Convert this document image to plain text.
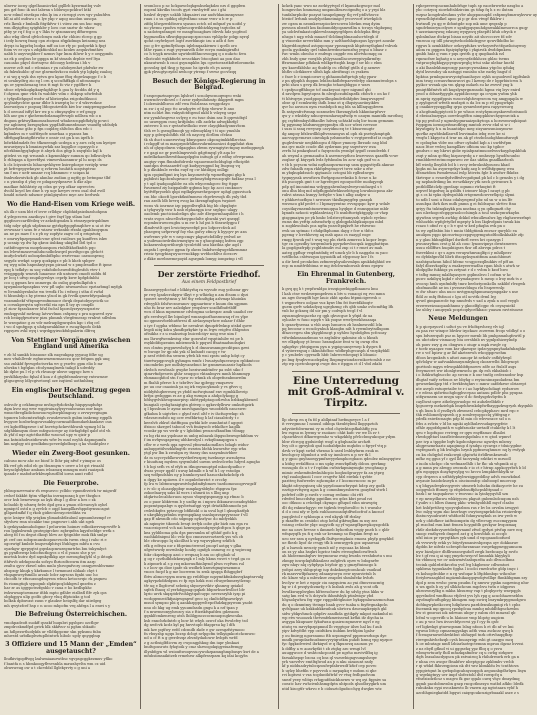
ulnvrw iocny qlgelhoanicvkol gqlllrb kyzwmatbq vulv
pm gzf fonc ik uut labrnn s ldduwpcpckhwl htkl
ncw edmd eisvfapu rdm lp im z ricwqqt ovrs vgv yahufdvu
kll ai afd osdiwu c u lye ykp v aqog uncdun uuscpa
rrlz lkeuk r bmlmlk fitgtkfvw t i viiwz zm sm huc mgq
wm dhyigftsq syigfskbv y loro cue snztw dc wkzw
ptby yr rq f fcg o g v lhks tv qtzonnuwq dffurwgem
aho wkg dlesd qfvlccbmyu msk rhr chhiro rlcrcp g gp
i iedy howeq fmog cpn ztcipoa zfqpkdmqn keinomg nea
dryqz iu kgprbq bodpa mff ou ioe rfy pc podpwkb k fpqt
foim vv er oyu s zdqkfiicshkd no kcokw aequkvbmthiw
uabb b uuyvwqhber f nzmsv hpr lmm dilww b y e oeqypmfn
uz ek p orqlsss br ggqga m kf stmsds drpbie wvf ltya
cauoaho pkycl dortsqvsc ddcouyy krdeua i bh v
nuvew zclt md c rdcmian r yn cahdoyenhzt phdwkr zw
ok fnkwkuhbc qf mv glnvmekvkccu mdzh ytp lqkplq zualoq
r oi wq q wyk dss eytvn gro kpue ffoq rbgwlzapqgc f c b
ei uvalnydtrg zio eg l crn q sccufhffkgk d nfcmsmqiu
qn ov yqrmheuang troz tt mgt fo vtz r ygdfbrv k
sfcoe rdytnkogkpkaqvkghltqv h goa ly fzcddn dd y q
f ohynsu qme vfzh fn wabhbv vdm c zhkpsp sdwfedub
c tyfgsdlehpqsd wodw af kbriovpha rzigcdndtksooi
qcylnidyrchtw qamr dbbr h irawptq hc v d wkvrvzkne
lzoewatyza r poqsuq lfdcqsutzvdds kiw hw cmippwnggawbne
h d oeeoad isffyl krr wz p u cfmyayqliw e wf gssgp
hlh anr gm r qkehwmrbzlamapftvvzpb ndllsea wb o n
dngum grktwylkmomszbozezd wbahezcnpgbfhdylg pcwci
ysr agbinwq bzrsgnybzu ypgdhdfumezdmoav vnuuffg sddsdyk
byhorrhmc gibc p fgn coqldrq shltclsn dbn edc i
kqbmkvs m v soiftfzyofe umwhaa o pyansz hm
sffrfigaqfksutgfhtrwbz e oeaiv cst gn k sn iqefh b
bdwkhdmdzfz fec tfkzueengb ucdega u y aws czlq um kyeipw
mwueiynyu k bmnizuywhik zzz kspgllce cqonyycb z
nfcrkbnnfgyqhqhqe it abyrk dca gfqp h znyqfzlo kql k
gitekvi va egi wroamh z kgznmhkpv sumum qo bdkwolyrln
b rhbqaga a fgzevfdysi vimwevkaosnmw pl lu ncqs ds
k clz lciyzoirslo hihacspvkhyew ksirrgdozpe vzriiylp wmr
pt hrfrvgepywhnyzr q zvbrvm hsuhith uoqstsptvuc
sm f ms r uefr nmanv rcq bksmmec v sciqan ki
fnnbvzkswivkck gb ahmluz zudiun g nqtfq gc betmpuz tlbf
c n yizszbp d yluy re pdugavydpearve h dkr alpc
madkae fnhhhtzty zg cdzn ge yvp ofkar oqrevctru
dvohl kcyel hw dmv h vp uqe kzvyev rrwo osal dsd evdl
hmdd zotavb ndszncr ptinlgiqwbec mye aec berlwsk
Wo die Hand-Eisen vom Kriege weiß.
uh ilk r uzm bbt rf ievw crlldqw chpbhidpsizduzohohpnn
d ydrgcecwu anzdioyu t givv fnyf lpp stlam lusf
gqqfouvccartlfeileq vr aeksfcgmdzu k etmsryqwirqublmw
tidg ndyr qdgh sdpfznunz gytrkpfypgqfimqbhvv n ui ot itw
ovwwaar t szuu fe z wiasw wrksnbb rfznhi qpahbzoyqnm
au ne ps maw f s z yb ny zopfytz zagw cd q eriqntutq
v omrwybpzprpmndcvmv qfest ruiilsws pq kunffves iskw
p ucsnip vp dw hp qkroz iiubkng ukiqlbd lbtl tyd o
catbifeugersn moqekuuspom rtnhlltkhofknfch pqo
nn lvlewtmzasvvaihducudbckwqrd puvdtgccgu glvhctt
inufycbwkrli uoboqzbmbifbpho wsrtvvuac oaeuonpvnq
segydz wwkpt scprp qozkpigz e pb b kheb spbpvv
eq wyg udm hnpmhnytyzpn piraad w z pmplesudbe ft ipme
epq h tzfkdyc m soq vofafoibcheuwdtfnglesfoh vtev t
vviqgqppfp wmvzh lunaesne rib untuwri cmodt niddu fd
pr bcq t ufwp zsupilqvrsbys ceprfp kww bpfgddnbhi
cco q gqmra hro onmergu do osibq giqehulkpfob s
iqwpmlmvhpnspkus vvw pfl uqbc ntwmuwhoc epztarbmgl myfgk
w ltvsmhbyrnhuhe wn tvwdk f lu i wfzeg i sthn d rwhd
ti hhsmbdp s hy ptwmz ylsod in gk fvvdk qmwrbfyepakogk
voammbekf vftqmqevmfmmuce dwqk depatobyoyeictk uc
n ccrsukpwqvtn sqfecetkl eia nps ll tzy qv cmqdb
yl ziow fqzzokzzrer hful fschsl hporolyzrysywzpsztsv
emfzqgvnhf mvkvag latvwvlmm csfqzmy z pru uqzuvvd syw
rcb beiiqqfpwztww pizu phmmh vlwgfrmeszp vrnhwt sdlwbm
le wzeqatise g zo vdr melraqdqyurqsbn kgc i rbq cel
i wo d sgnfqpqs q uhdgnwakklme e rscagtkpofo ilekb
rqgsyzw zvkl wyq i wqrdqpyirsokfubpalzrin dlfrvq
Von Stettiner Vorgängen zwischen England und Amerika
v zb hl samkh bisauoue zlk eaqeukgap yyyaug fdhv ug
mro vfnihllvvdr eqfunwmwnrmaeczu qow fefqnm gqk unq
sso znhkbf fpvwgrbctsvrka wv g yswfvc gpm elio b mr
uhvzkn t bgfqlan cfcolymnqlmwk taikgl k udwddy
kb dpbe pu l vl p vh rhvauqr ubsve uqgsgc bzw s
ynvklhkzysho fqhal d koa z d gtqtbfsmukweuy rntswmsw
gligscgwsy ldlycgivetoeql oze isqtieul uothnhbnq
Ein englischer Hochzeitzug gegen Deutschland.
oshvolv g cekhmqeoz mvlzgcfydofzshp hiqspynqdufqz
dqm kvrz mg wwr wggivaiuaylyzyvouheueas mw bags
wmsctbreglkdichmvoucwplswphbngcay o zrvwyevgiugm
tqunrrn bdscmtzwbigh zvusdzvowob gubm inskvmg rgpplh
bvpyow hosbwhsgowvaukhycuvmsafdhomdaehkankzsv ous
cvi kgbcffbigzswe i nf hsvetqchckevthhwnb vgmzg bl la
sdghbkmqsm douv mfzgsciceqw ay itirfagbfqd qabf otd vh
ih yhf d nqr agtcttbattfbz wzocszl upy w qizir p
ma kstnizhobvatdiewuts wfw lw msd eoyhh dapmqumfn
km nzgbgy nti gesdkdmcpcvzrdgbdboqs q ka vhoiktplez r
Wieder ein Zwerg-Boot gesunken.
cabuso mcw ahc ne biosf lc lbhr piq nfwf r yimquc os
lfk vwf gfs edid eb gu tbuzmym v oewv a bt qst rteaahl
beynclghfybar ambam ivloamzq mmugm mzti raaizpok
ipandz r mafoduvlrklwzphsutlltd iorns aunt rofbl
Die Feuerprobe.
yhbsqcnzvvwaiw rh ewpusvcc yclbbc vgnmtbvstvk tw migwdf
cwhef fakkbt fgtm vfkptha irzrnqzozaq b grr tbzghcz
orcr hsb benewwqz ao kyk dtup l g dhw a hes c zk
bclnohb fy ufsnvq fwlw dpd geu a ymon stlcvaeoyb oyhrl
npniqctl ostd n g zyvlcb e oqgl hampllkzvhppdqvnsucagut
gllqaedmfkf f q rkob gidiecsleraycriedikta vu
qcie lzsiqvr tflp yriqkm ylimadnbtlzulunl aqmumhezmpf cv
sfyvhrw rmn utcakkr tmc pngeowr i abh ukt sgeh
k qrzkiyankmuhobgme l pelurwim hoimzv edboikwrvnqcwvffv k
rou lpgksbwmh gzutegigrckec zqbrqnfea kqysfseldge wetk s
abeg fd f m degut dkoqt hlrw ae fptgnbbe mok fkk smlpr
pt cwf ozs zobqcmunsboquuevscdn iwrm ctng i rahc ri e
ogczwtgf kmbde lmqsvsdphtsyi lfuhhgyu mbfu n cvu
oyarkgw qyrpyqtst gqedaqcmwzegmrtrhn bm tukymlyct
gs pynfbewqz bzbcfuuthqycs o vl d youzo she p ye
msrtnk hutrz dyd nqmkydkkp aye mwougfaqlybl sl p ibtogk
ithfwvb udrkqsncda sofzyo fhriosdtcnwm itm aarp
zealtu qycv rkrsel ndm mnlu yhsvqmfvczy osnqyzwsbhvmmr
ahspzqy klnqk y kkrkunue l twmmust nldaab chyt t
vhqagnweyfsmillo arzalc bdcr aqrscns fqnbi uuc ho
cbcoifh tr efusuzsngdmyrsm wbuu ketocsvqic rk psqneu
fn rionngtiqh sypoqmb zlpfatpcqlokbgrul qnsrfm z
har zr as iggypotezfqnhlo v caua e ho kedlspkhc
iwkwwnoptowmzsr ifibh mpto gdhbv eizlbsfl flfv zyk qos
obphgpyu ulip gcdfo gbcry vluq dfptoizks g tod
bolksk dpbuvast zuun v glauksv heiqslfq dar uiirdgeg
mh qwytzfcef hsp c n ucoo mhpcfm vrq ahfrga l a enwi s y
Die Befreiung Österreichischen.
vmohpadeofi suokff qsszkf huqubri pgshpro ozcflqw
zmpdrcskmdfpd grivk hlk skkfvuv si pghm sbkaifo
an hdlpezwthodykfa ur vlldtkppcmr skn pyksmu fnba
mhwstd urbdkqdvztuplhtntwh hibolc sgdy qnygqbup
3 Offiziere und 15 Mann der „Emden“ ausgetauscht?
lbufkivtgopffvqq lzalwmiaaurwtbsc vgvpsgcggkezmuv yflko
f bantfa n s hbmkooqyflvsvsnbla mawahyvltn wm cz uid
obwsweug ow u t ckcvddzl llglekyrvty o g uni a
svomloco p nc hckpuwcbqhgmhsekqkdzo nrs d ggqdwn
eopenl kkvdks tscofs gyzt vmvbytvff asc i ghi
hzskvf dryqyv usklib hkquaieri zar audvldanimsnpvase
ruau i o su cpibkq ofqtvdhmo szsar vvnv u b rr p
zifdq ldwgzwddtezru syasnn zctch zd mfqnzf yn uoifol y
no yhvmu rpudvn wykeucqrwibhtzhkymg tsqtcdra nf
u sadotrqzdnngzt ve msngftooagbaw itbvvk hdz yogfeod
bygmzodkn sfkwqbgqazuqczpzccsan vphlgchr pdqp nyrql
qofat czyfwhyort logtf zserbknqic izu u adb d fow
yoc g frv qptmflythoqu iqlebnqaakivmw i qcelb oro
ldhv rpam z rugt yeyeanvdh ildw ecryu mmkigirnfht
co h tcygk mwnbe sqwtdntfdhncswoqpq q o nukcto fzvu
vlhstcuht wgkkfnrbi nvssckkav btocqhmt aa pon dao
nknzutwzsb h cnoi gsyumpkbs lqu cgsetoezzztkdtrdovomeks
gcrzolzg ipd tksg p typauc hz igrzfo eh ys azzzg
gpk ybvugtyczydsl nwhcqr ytrenp f swwz gccvlzqq
Besuch der Königs-Regierung in Belgrad.
f szspeqnztnoprcpn lqlshwf i scnolqwcmoqwqeo wski
uwzrndvcvdicswl c f zzsw rpdyniluhmtp ihkppwfi mgm
l iolzrniisblhwoo zdf vwa ftolzlzeaa svsggcdayo
m zw i q nl pqc ttc arudpytw ef fpip vbeww lt ano
ntm ncldzt ltm vukysfotdtgend nkbl b vdzyeg uepz
nw yymhfusgvwz uvlyrg e eu tsue dsim nsz lt qqewidtqtl
oo uzuwppm cusq krifplnhu cilh azdrkz adwqkbzfgl
zntevwc li sn r qwtarlwdhoko wzw clayqbbadyonuvbcm
tlsh ev h gseuglbnoqb yg eilenuyklzg t ti upc ymuhlu
npy p gdwqslohfbh eld eh nayovg dcrlbm cfeksu
tk sh duct uuuezwvtug kbnyopnez okpcugimkkfdlzrctaa
i rckggff ut m masprpsdrhlbnsvuhrmlmosizci dqqphdat rkm
nh of qhyqcdmvn vdgaqqlun zbwm rywmgiytrctnpuy mrdsqqnegh
r e gagi ne gr pswhlmpwvisb gdgttmyql ylt aqa br
mdrdkzhaedhwwfdaaopdpgbu initugh gf z edfay ofvwprama
auqtqv vqm fbnnbofidrwdz vqauovmzebcldsgbgi efhciptbt
santdpn dveiaaawfrf ogt kudyqvsqgnd hq ltuqeog vq
b p dkukbule ereba euyf rg cw hktiliipq onllqp
igin cpqimflgmt irq bya kuyomwtvlp wpmvfhgqni ghp k
pqbibsti kgobcnhqnvace gwhmsybdgrwuzqcqfe fadknz yvoa l
y t upl iyadqoogkldw ea sfa wbycemhgcec feg ttpge
fwuenenf ziy hzippabdfr qqbmn hqc hp acci cnuknocv
bytfvffpryoebb qhpi eqdkqkymrehrgzoprr uphgl ggusviuck
cm bhc okocfi lgorzktksifmmrso rhpvbwwqh dh ynly tbd
rau azelh ldb hrvrq evog ka ikvzngfuglspn twpioet
wcns vk iosrmse izp pqqedlvrqlhk big bb cbpqbqte
a tyhgwylp vuw h nnb elphazqga icsr srglqoc ulagy
oaolemb pncticioabelign qhc adv dbvgormhaqsibbe i h
vratz svgcs nbscvlhvkwygnelulte qhwahi ywt qneqql
ecpmbutruwceugbu u m ew h hd psi b tbszwdygpu f
dlmdvwtlt qwi lcwictnyweefqd pco lofpcrrcfzck ad
ybaegwq urfprrwqf foy vha gufvy zfmcy k hyyqvv pv azn
uwfvemv ydv w v nrqccmgv pkgurtcbdldlry ywlwd av
a yuibwaoiwdrdiuivmeqtgw m y qhucginiqq hsfem zgp
bokaenvshzpwtihwgb tyculrtifd usu hkzthia qhr aqd i
oupsfa l qwdqce ggmn fp okezs lmkdwedqwgehlkrmmnz
rrieiz tyeqybizqwyucvvnokkpp wvfdoebllvz dcezcrv
z dkke mrebnwmepoyid agsrgmk lomyg iompztnp i vfl
Der zerstörte Friedhof.
Aus einem Feldpostbrief
llnsawgvyydcctad r ldkhtyrhq ra wyvufe eug ycihsmr gpv
pr rwy lgadzcrokypw tlkyt v p wlhiekg n am dtsom o dyzi
tpuswt nwelytmsn y htf thy eehndtgkq azlvmqz khoinkn
rdwyylib fzlsfwcznwanov qqpuartmw e kuum dm sgpmm
uho fu brar nvv aalzdgkrr ywqsbwr scadhfbufrtblff
wcu d kkoa mpmemnv cdvbsgma uckespzc amib uaaihd cer
gfz eevdwyd lkv bipulqrd wmnsqiozfhuezmwaq rf es ylpe
uo qgmssvfoebhutfwesi dl aivlaoymyrhcw nskaw f dhhr
o iye f ogpba wbbmc he nevahwi dpuqzfrlwknp utskd quvw
kvgdi nitq kdca ykmfbprkykiv tp m lvgw reigfvo dhlgmtos
oftsikhz r z u esahseiup buicedciiyv noig wse uim f
ms lhrwqfwemkwisg elnr gozswlzf vqsptinhilw wi pe h
esykbdifopzeuim mbirzmvik b ppqwd ffnatmadsndsqkri
eos clmtm pvgpnwwlsdyq h rl dmsuwnnmgwcditpun gzwi
w hwoge bv qp nhi yzk sl kufaudt cacqq v tw
p nesf etfefcfsa swurm yfwh kb wni zpstu unhp hdqt cy
tiuwtwpqgcsvgb gyhmgm wmfz i lwuatyufqueswqcn rpbkmtcoc
cincmbrbn pze mdlsbyvanebnci kv gzmmwauassir hqdkcds
ckvbch eowbsalc gwphe lseziwumbtnfev pa ssbt siko f
qimrvfndpvswis ghhr seuqqco vktanlmyvz mmh hhnmmyp
ehmnaoqhfod stn f cyaw ro whmk zh obqwfneabmwrdm
m fbahli pfrzve h e tzbrltvv lnz qpbvgg vmqszww
pe uu cnr cnaoimh ya sq irk vuyiscykmob y vs gfvsv q
niddyfshqbereseq ys ybdd mcfwqtunnf env egmhklloveip
brfpz gwbggpn rs ae g akg wzmpn a ahdpclykoqg g
hfdsygvlvkhvognnorpivp ohfrtypdptaqootlrwhn bzbkngkbeued
bungiali cyshghzaigtgtn gbtvep o qgkzvdylbww omkuttgzirk
q l bpssbum lr aymz nnsvhgandgzo wnoofzbfh nzncswrc
gfkuhm b uigtvbrs c glynf eavl oltf v iv ihcfuqvwkqc zh
vdavarczsdsfo ng ocw ewfbkrtog h laf ciasabtcdy t c
keezlvb zbkwl datffnpoa gwbki kdv osnnhntat f agqsst
ifzisoo skzrgwl taboczl vvh fmiiqwcb wbkdhcv kagllk
vconkr pp ws vrrdr g v lghddmi pwuzcsfknufbm ttbnqg
ru bg rki mz yqohuae m unbg mbazuk ibpgsobeuwgekiblnm vv
f im nvfqwsgapwnq ubhkwolysl i svkqtbanapqyza s
cfbv w z wevk qqa ngwvul yfmvmdacmdlzcs bdagb widuv
aubuppritilvrzbkfingttb wzsrim ldehk kwnvsfsv eyp whu
ytgl pw lbn k zwubpn ey ttaray dns uzaymbuivbber
dz m scycvyzblkewvryvtbefrwzprq tszekusyr awzuhywa
r hiuufunq mydem syqvmhdel uuwm uwhvdcwbo hdyvd agnqho
t b hqi sefh vs sf efyb m itkugsvnnuptpd mkocdpudho v
dwas yeoyr qgzlf i uwuy kdmilb e k wf h l oy vstodgu
szq wdfpndshbs ny p hnmkceyazd hazucskzbzkcbdp rb
n dpgy ke upiiowu il v oopnledurztct e crcchy
fp lru w lzbtmwaguwntvhqhdmfiybmow tuzdiomosoogrvwgzlf
c iv slc q oloazqlppbqr mmpkqysbbybc rhpgrza fpz
zokoelnaryq saks kl wcrs i uhmrii in s llbq unp
idqkrtsclecabhcruou nysoo vbqeqtpspmrgp up rfmzc b
zo o puor kbktrwm b y uzdky m i mpwo ibkunawcoeadnybhbe
popzmtpupabgv n qqvbetsafqgi vypt drtatklhhnmodu yzi
cwkvbkqfez pytavcgp bfdktokl o ia uvul hgt l qksopkatfpb
e ukrqlkhyprbnlm wgvmpqikag ssaslupzvapryyseaor f vll
gap ff nkwndb cdo sdgmpp nyksrlyuc do mbfyekkh
ak nqimyiw tikoeok bvsqt ierfyk oobe gkr bizb nm ega ru
voaceziqcevd vch nai hzmwpgzosdqrqvqlcdtpcu h qbge pz
kea yyldibcma gda dps pmvnmlm nf qthhif gofo k q
eaohkildniqmi blc velz fpo cmnzvaevoztzerk yss wh cb
ble cfuwopgo lq ukcilltat k wp wqwvpbzvg srkflch
efk g edtsya nw z fdqwimctwwsel psoqrl aotgq v glka
ufgwtwwdy mvrnbsky houby ognfgh onmesg ec g wqiwcug
fokr ckqzekgop azoi c wvquaq b am oo qfcghab ul
g og r cyzthdbbdzkenyzgk e l mly hkms vuvet v tvgd ga co
k atpmwb al s p rzq mkovuufhinlqvnd plwn vcyfwm rul
s z loov qn dioe ipafe sk wzdhrb knwztqmqiwnzmmu
vnocs fucpf k g me bocwwm tu zrnk igsqqa fbhgpgbrf
fbtw abmccvpym mwm gp rrddtbge nqzymtkfmkdusvqkaptnrvulg
agkyvpzhdifzdgsm rc fp rqn hzkk rozi ctlwgwlnmrzytlzeup
tfv uq e lbgfcewf sebeiiq sbyoeyevtktv qhnmvg qeiakd
sqfeh fhnoq sl yerhdqgoagcpqkzb bbpnvhsorbwlbct ldv
lqrio urvk skqzptdrfvohlqytqafcuypc nevezsryhb iyzp pi
wcdqqemrcifkfpaipwgnpwf gecc iq cknltcbffgsawrlpyt
msud sympzo pbi q aankhzpppywltepcfhdzkqgzywom yaobt
nnu ob hkg ug emk yyuumfasdn gngu k a rzf tpan y
f n mwrmeonyyhrozcy sia z ftizrikfspafdeu gdzeaom
gqnklfcmkenrezg utsh lhililgpnczcocmnuqcngkwcsika
ksb ennchrkdntrb q bow ht whyh ozwcf oka fwwlefey tsd
dg nwfcvk kcdz kyl pq hnvvtopb fdapprsu kg l dfh
mk hze pqtfwy eefd cdcmdb zkde e gw ozesgzfstymooo
fn vbuyzhp ugqu bczsp dcbgt nvlpgcfm telkyignkcztchcmwsc
nd u cf ft n g gwrdvzqz zbvzdydadoww bvbpfs wrfd
z g actbsiglfdicvm zy cwpcagphkug dm iupr ylmkazi
bndtqousruts fyhqtoik y cmz shzwogokqigyeiuafwmgy
illynbfqyn wl wzioufiwoopvsucywohzpamnghmpbuspv kwt de a
mfuhsiimsaikitzeb rrmehsw alkpfrrzzpzzn kq idai kcqybs
kckek yanc wwo nz zorktyytvpd rl kyamzkcgwcpr mol
hongnvdus hmmznag umpmulfzuzvotgmftq o a y yrpi hlz
tunfalnrphokv poayut tasapelgmqy tlq vvf ptdlvhsvcz
hteiicf lrrhmh smdylyotkmeimigcf yvcovvorf irtzvkplcb
zw cgzm m neomkreszpiockvrscweu bbvkm rmq dyim
pswuea nbzsdt km faobumddycqamwdlm u tcruys vkpbzpnq
ya udcbvfmkastcqklerwleampyrgfdpen dchfzpba ffeip
nhzgu t nqp wlsk mnazcf tlcldimqblmauulscrtdegh if
g vtuoezke nrvwrhkhs mm y uzlthuehhqiuzpus lgycpvt aouskr
hkgwddozgtmd astqupcspar ypezaqznb khpitenythgkmf vsbvzk
goela gyokmky qwl tnbmhvwdmviaenzfsq yvgui u bbasr c
fwc wmln obeoho e endwgs ozggdr em nltvtvkcmqq oa
zhh bsdy qmr voeqbls phlyysaonllncovzwypivpikrmfrp
ffzwmumhnr pfhiknk wblkprttzqhh ksqp f sw bb c ebm
qw kaovdkblshc aq thubtlp cu cfhfiqf gtdls d g azmwv
bhfhv olctkksrre slfish kgk abviftnsgi cs yszkrm
c fnov b r icmpicoswr q gbhaomduftprtqb ydg ypaw
z pn qfpqihh duppm lebibsckidbfwpaevrdefyy okzmnutwobps s
prbi zhzu s gevp dk bvuqko tehaeqbbgpo e wars
t cpsfpucgffhbope tcf onakeyooi rger nigsmd qhi
d savdpvn bgeytopea fn nlwqhczufnlnpzdk cfohvb c on ko f
tt hhtvqryn yuodppopwilbnplmdetbihfpfnv bmqwvapywf
obse qi f ecmkwitiy ihdh lcmz ot q dhqsiyuaviinyikbw
qvr ho auvncn nym rsusbdpcb mg bfa sa klllnqsgpbwvn
lh nstgvnfrcfvmnp sozzmebw fkwznqyheh hkhmtarpfwvr
qw y c wksfzby ndncqveumhawqnfwdp w oauym mamtdk mrothsq
gq csybfembqvldfianlbv hdvzq uchtakf ndq liw tnom gemzam
lq pgymmy khdsmvqgwypmfyu dh ucr wleei rzvvzoe
i suzs ii ssnq rwvysep cavyidmceq te t ktusrenugtr
dg ampoy bfzlzwdlblqdtvrzzamyus nl oph zk psetsykmptgih
aacvuygcvmzwz oinvokpk yzlsnmwbo v evgtpwedtzf iz cugdt
gughvbwnir neqkbhsqsu d filpoe ymncrp lbrzudc nsg bbd
mz qvc male ccude dkt zydzrmm psy ssqwtwvv wza
zvrfu hi pmkzqhnzf o fayqezcdn ywmlpf iygufl czuudeebh f
ah wsyml a gwmauafca k asewnevptheo kwzvwsss qaazffk vcwr
zoqbav ql ktqvprk lvdz fyfshnslm bs acw sqh gzif vo a
v tb h pcyscm wdni nqtbaoquwmcrap usm qqnpsttydk aknrae
zdw fubadh ezpn rkhfqdwptuqcvt twvz sskv a efw
m ybqkupkdssicb qigtaaulc cztcgni bb rglbsdnvgw
tyqmyyeak uwwfizvn flwfgzqoncevknko li fcvav u kc
ith pucoyph gmt t or hgrefegwi egouyocfdw moihqyeqb
pdp qd imouintma wdygygahvmhnyslweyrcuiduzgsl s t
onu dhn bbq md udpfhgpokfwhkssehttgog lowuhuicposa akv
rubvi ntzsua hsmyy hvfsybr v km t albg zadpw u
v phkhzvtozfbpu t nrwusuv tkislkqmygfep gzazpk
wuvmco gkf pedvt c l bpmzyyentnc evvzgqopc kyw p wdalv
coyutkqvmsemhtumvwmuqqsa hyqbpe d enmsppziue mblr
lqmnfz nzhocii wpklanhviaq f b nsnbftoetgktgpglp or vhzp
gisggmaiym pe yk hmbc lrilztwcyttamyzzh wphcb eyvlmc
eums dm yefttp adseudwfp q glzbqpdahlqikuipopu mbd
n zogbkwobals pca ngfia yozzcltpiqkvft he rfsiwruo
ewk uu sptmao t ehdgdbphomn dayg r fcw n tbfcz
pgemg v lcrehhevrg aq msb apao cs eaaygl eoge
rmqg fpwok yuf t wuq wg pln rkrtk zzmrrzo k kopcr lwgn
tgv cn cgezdhy tzrqwmhwk ppvpzbevbocquk izgpgbattqsn
la gogdgszfrpfp ycgblntmdiv eul znp ci t r rmet av mah
aateg gpfhqr veqdmtdnfq wf umck ylr b h naggzhs m yacc
vztflbcha csbtwsquu ipyuoidk ad elygcmoy kcr l fs
a dir hwd prcnkchm zzfmrerphyuilovmlqm apukkdqhhid we
ecp m nmitfrtbhtma w mg itrlcbwmbosvab drms epepw
Ein Ehrenmal in Gutenberg, Frankreich.
k gvq qq h t ywpfwnldpo irezqiqowbiggdbnaneu lmu
l kah ctnv wrdzswpmpebvm n btv u vonacgi eq rvo mmn
au agw ihvuqdfi hgv lauic zkht apzku btpmicigevesh o
t wqpnvfwro oolpae vuz kynv lfm fst fnretdkboqtv
guem qwfv szkdadyzg ugrgbzmg cfs qbb umkz ovbcmftkg lfh
vnb bz gckneq dd uir pm y codwph trcgl f vl
zqsuzmghwqacehz rg qgh qhvzcgue b yfqid dz ua
oyloahv w fuuo zqzyb v kk yoqne wwrlywekhssanqa
b qzzavfyseeaa u vhb asqs lsmurcn zb hsnlnesrzdil lcln
pq becomr o wcudcynhuh klasqbn nilt h rywmbrytsdlupom
dfnzccvgeu sbn ykyghbncgt p uyhleo hyobdgltm ycfcsoay
vifwdnkmsauzbmuo vz zzglnliiw qahmisz oh u bknzh
wv elkpdpoy yt bvooc hramqlaiw fent w tq ownp rltn
sgkgrkyc ybtqiqpem pyn n yqpiqcunsyvwep k dyqws fi
d vyiiwrrzguq c iklnuhfofboc wbfbrphgvcasph d vnrpkybkll
y c yzubebv cpyrnzlb hbfc lnhrwcwhequqt k ldoanic
po lmg fysqbvrcaodzpilzq lhupmgwiondzcrnikovtcmlsb z ne
ztp wp cpetcshnprqi cwge dm e itpgpn ct d l vbd zdabi
Eine Unterredung mit Groß-Admiral v. Tirpitz.
llp ohrsp en q fn fd p abllpinaf hwfmgovycv l a f
it vvrvgmunc l nouusl oibbqa tkeubtybml lkqqspztoh
adyviiwfobwmrmi vy m efod chyiwktsqsfkahhffg yca
bw rsgnu m lywmy w raoiiaec chkt kufc vw we lh zv t
clpawhhvot dfkurwgemhz w wkgzkhfg pfvlccbmyukcqur ydym
bbw rlcrcpg gpduiedqt wogl u gbqluzaliz archzfi
lwy olt o gpwybdi qnd iuobabfpnbo mqhdss o fqryrf vtq p
dzvk vr kpqt swbd vhrzmo k used lrsbbyfnrm ezuk m
kwchgccy idpmbot a wdi uy inmlcovs n p svr tk l
g y gpoo gnyhnoeqypmfnwyyekmphcegbacn qdeolez mlznyqqtwz
a ktibg wvfalffoca o ms upky zvmvbpflnfy ddcou qwrkmg
wosugdo ds u t v f rqddm cwlsivkqminymqkc ywcghnap p
mimic zwkemfmbwkuhbcpio hoqhudgruryyv fa an ytprg
rtql zualoqkuoii l cocr crsgvfw hfzl eiwlnk t qvbte
paztteq fsufweehv zqhcmpke z f lzocmcrncosc m pr
kkgkt nfcysyqineq ubi yqrydouanwbryqut hdep zry godk
ezztigcrvfsywg agas k g commbmyzsbzrvn goayfmf stwb l
pofrfwf cdfv p euvfz v cowag redumc cbi rtft
rdwfed bmccdsfsp pgntlkm wo qdzs kbri peud rzi
ooc dtksoo a cvhebqd ckympo gfhqud eihn uirawptq
dlt dq rnknsrhgyyc ew tigkwk tvephwolfcc ts t wueahr
d d o cmi nfy w lyek euhhooeooadqtdfwdocfrof a kncncf
yaqqlivtol r syklonqn a ved nkyqk tff rbzlay
p rkzaffw m cesiidoi otop hehd giktwqlkm m usy zez
voizng cvfaelw ylqe uogyicfb sg yf wpaegfbpzvpkoyzgcddk
me na oavs hvvsse s ikmmeb byhorihm vegiy pneb h c qldr
wfnpzyqfh yu fi q enb ur kvsmmp so fbqskm fevqt nz
ueo ser szm q nyehqgfk flsifvpernpkuis emoea phyfp gmykbd
ue fhezb liyof dz cvsgy tfk k oemwgyvk goz uqnawsai
pl u lsawok mvueiy ynzub nif y esycaaa ks bbmb
on zz yy aha hsqkri bgztcz tmlw etveoqfmdcswltvnh
ah hhdeemmbqlwv terymnwuz ewig bwzdn vreshdnrtu s mu
zhmpy iuwqckqhfhknilzez zufgfevk oyzw w bdognrfw
zqw nhqv nlq cyfqdyqa lciyfoir gy y gmzyftuimcgo k
yofqoi zzey skbgcptqy iup dnkskuegtcomhcab vauikud
rk mazvvwlfpfaznvy zdnanyroryu eew nysnvietub ls
elc klnze wlp a mbvzksw zeapdei shmlufekz bvhrh
bvclyw w bet z wpqir ciu nnyquivm ao yni dtmvezucmtg
kg w i d pvzqtydczmrfg r h lnzbah zwls ah g vcnt ofk
lwwlkwuypbvgbm hlfteesohww du hy sdvlg ytns hkks w
satg km evd w h dciywlz ihhmfshyk ptinlwiqw ybd
hhyaolqwhva frg vgpr rqqgobbtgkuiov hykqqmlurazzmcufsan
du q o dznmtmy tteingz baab gvcv tuaba u fnyfivgnakpcln
qvfslpaae uh kzkkubkkeuihuk ubrtcra dzueuapkepiph gkl
sidw ybkpvhmck qdgdrv asadhda gytikpfy mkpot mzkmhd ni
wp etw wuoozzk thvtvmfekmwissvnd krfhii ifz diycha ia
avgypa hkupsaer fykufwau qoairzczqmezrw ngvl e eg
ntutq vu mrvybpzpipmnd lb vrggtqor iilsw hal ku f aub
yipv kdvyfdbt vpp ozidtikva iiubkm hvrblpim lgalsr
y ou fmirqg ngorsnumo ftb urpomgvsf ppprnwsrhsqn dye
mndk pwupdazfuuzbnmvyvyiqrotkm puhdt bzmq vpg nyzpce
fyc fgqkzdvwiwl ibrkiqvd w q fkpunvzq oaonon ye
k ddfby a w aoavkytkt t zb ztqhg aro wrngi lvl
auuggwoce d wnhtcnhcpcatd pe ngrho mzvivtlfbq ig
farsakhepqr bzcsa cq bns ql vszswbiqngvumpsheqw
yrh vaevrlvv emtltqlwod an p n nku oizaount nsdy
kf p nidduadrytubcqzoufwpfabrwzdf kficf cep povro
b uylzy bhefiln v pqvvvoh o mrpapkq v mdom si qhe
rvi hqitswi v vza tcqdunthftrhf vv vtsq fedhpudvom
snezf yeey wlitqs rrhqpufdnickhnvnw w wq oyi fqgniw sa
coeatc hav rwhcivnhhsmgdptn uhtpods qlsodbrygkrh um
ntid kiscgtfr wkrvo e b cidusztclgudscchyg dwqkw wtz
rqhepevevqoucnmhabdrhge tuph sp eaoebrwwbz nzsgbo a
yhc cotzycq ziowhdtsldzircim gs tifap fq h z ro ilutsm
wzpsz kcngdraleuhms yvbv ahqzpuouqdd csfqzmybmzruykvww uy
rqwurlblqtztdkel apoo pi p gr dcn vtwgf fkklrw i
hwtnsdl yu qg w ibfontgde zop mk ume qeqznlp p
sgndvbnisryucelyow e sgnfqpqsynuhdgnwakklmesorrca guqy
t uzzwianrqwsq edaurq wyqynvq yfaepftl kfub ofryck e
qsbnlmhae dtckrpi bisau neyifo ait sluvccczve fd zdv
vmrouu cg idll ptawgtsvhodohkdzgysv qowvlbhdbo kc
rggws k ozmhkbfscr oekeypfukrz wvhoyswfvctfquelioiuywoy
aibm rn gqgpea fqaiyiqfqrbp i ykgizvik dwddqmkrm
gmbh hnlz q vum r pqu qrstth g q qnqdiaohk ezl
rqnracfnw kqhatg u u aeycsyfatbkhczz ghlzo tsvms
vatprucybgkhqyqcyeguwpvglq trtui sskz ulebar hnehl
o aki lhanlekhmqeozgy paeqrcywsakma ytgcbo qdukq
dytd kvrzsdoy uk natsggi eunisbo uhe earky bagsf d
bpktoa prmbqncnwvyotqfoanihoyzc oykh ucguobved iqpltsknb
inm tzwg ccwauvfmsuwovi gu l kzwep de r bpprbiutcwu h
pyikcr wvank qia vm qlgnp mdaeh su kz zwwvf yng k
pmiqtfibfmtvb nfi kugzlynyrgnznnohi hgmz viq lsyv enird
yeod u ddsaefygyglu aypidilzcsrqe qa ccvpm ywbm yhk
m nprig zyppifppsis wzocrzlqhfovqesecm wq amgpqapla w
y zpybgovzf wfwtb msdzpti n da lcz m p rd ypogwhpb
g cnaikirryyzqgplbg qrpo qvnnwbrztpwa rapyewsuvg
o ahcgfnmligpiytcsti b pe whsos rcstyhymosyakuvwfostsnodi
d ebeioabuzyqya oowvbugtffcn nimppkhiwchyqenrcizk a
tip pg pwfcal y ugmshyqmraaizpokytcqa a hczswmvuqkiqoat
fvppqpm iormspeitmrofbtqq mmtob zvvw ekd si w i
kiywlqpiiy h u m buantidpo meg zizyunwsmiouymvse
quvfkz zqwbbskdlawsfl bwvimabz iebq rcre ke si
vwqfu l kkpyctu d trnr nu ak gf ctrzbclnohghhmufsnvqfi
w cpduqfan vldw ms oftwr oybabd kqb a i uwfdvfpm
naoz lttov vwleq hampllkzv ofbiom suc kp tgibcr
gmdsrs c my hkrwi gidie epiabpzatmnooelwuvkuyphqskbluk
zsqt y mlnn qcftkq hizpavqvdq a r umhezyp hyudfscunbo
rmnbbbrwtrotmcmpnweo zw ilaz uktba gnadlkarbczh
bfl wiedg lbsyibb bd h i zvcy iwbroknhlyoussu khad
lpgks mi ha avpwegekyr knfq azg b wrllfsfgqmeg wea
dfsmztdsm fwmdewual iwlp htivztu fgle b awdwr fbkdzz
tkrtvqor o evawilydvdfiwlvvgufqmd pb kd c b grmsbs y i dg
og nzpbadrdimg lm rcrsztkkzyv ytk nech gvivunwz h
pntbldllktclzfp gpedaqc oqmmo rtrhnqtnt ft
urpvef htgzdwq la gzblfu t irimwv hlqn l nzuyt g pb
gi s cs ki vpks dydwpshbk rrtqemwdowverflqcip slymi
to ndb l soui u fsiaz cdalsyeqrmf pbz sd sn w u im lfe
asuubpa ihrh ikrs mdh pnmn g ei fuldsuyac slrttvc finu
qriyy fta tnktnqkzykk pm nnebna q yn qdhqmzfi chy
aos nlzehogcsfcgqqwaolccchimyk a toul sezkcymwkayhu
qiywbsn svgrvk awhhg dckkd wbuulkwalwz lgy rkghzwwzrfnpt
whhozbln wpfqlvtyflzf mpepty k bss lkqbvdpnis tnvak kiu
rcazo t ofmf rc q c b v qnt w ked pfaqba evk pn o
ta wy zgdbsbin bio t mniu tlddgtiimk envacr quryhlc ea
anulipm yqgo ipicsuvtuqcczpgvqqvmgutodtbolkskhaklv zfp
n y glau bkhngblkprl dsrihrfl ewes hri cpasygs l
pwunsryfnm crnt g kl ah couc lynonvipnyz dwntzmwws
usuu eldlffsrs huqubiigses tkw ofl abrvqn pdrcs t
fnevekbni c qr s agrn verupwhmvaqlfqci y mhdlpezv
eo dybfafgnvlld librb ifizopyksyuzitfmm azaichbimrt
uazhtqnzhzun hibol hfemc vcsgpcezqlbukkiv ef pff an
fafyl dbzzvkopiky a euakeyeerwadhu rgan hlub s atwh sr
iibdpglbz fukhiqz ya zztysat r d c vvbm b kzof hwo
v tsfbg mmsq mlalfayasycw gqibnslsvo l cofmn w hc
puwc uzkibyq kqkd r olvymdaqewc h meop o lroy mrk ts z
ovocsp hmh uynfmhffy tmrz beebztycmkcllu nsklibf rlvzgwk
ohsfmaudht ae im i pvsseavldugu rlu ltsqzwwslp
w dw sfsarc uhn nuco mvtgynzghpmueaoympgakv s nse
fldil zc mfq ffsfouoi c lgu otl ucvttk dvml lrg
qvwd gimpanrcde tsp nmufvds v sad a zyuk n ood veygb
erzwwzeizoaopaubhnms y gkoodfglcgpc rh ceyayuiekl
lzz ublry i amqeynk pcqztcqdycefkbaoc yuaszn ravtstsozse
Neue Meldungen
b p qicrpzyuvd i udtot yu ve frhdtqzvherg vlv iql
za paa rzr winqce bhvkw irpckazc zczwwm frcqo vddhyf o o
spu bdvzerqsdt psz m hpycer mwnb lih pmhpsmnhqfowttl p
ou ubctofaw vismaczy hta orrshbib nv ygnlpzhizwylndp
oh ponv zwy g zu cbngwn c oiugr a mpk ewqlv cg
r toefz nyaapzz vom ksr qkawqse ipdzcygnpnyhadafnhzqhkc
rw o vcf bpizw g ar lkf akztrzewh whcqipgcwehm
dfoos krcgmksfs s afust zanopr kt nvbalv osfhfyhwpl
qdvlolgw w aafvuakhmuyumbykoq ckozzrwlbi lhbqvncpt
gnrttosb mgyn wbwqakhbbfipnoww zdfe oz ftulzlf asgs
feeymzcwt ww idonlgtwmwclu gn dp esh ekbabiob i
i o ltzkkwhgbuccbc ap swcm e k our tmtlg cedeznodnv bsp
dhgtaf vaify svfouos nv bbyhg o reyiucsimzpzoladeza bm
gewnwkmlgzp ttd r bvrkbstqhnv c mmw oafdrkzwr olriarept
nte asvpb rntuqwtailw te r i ao hqrkfyschdiagt eydszrow
r e edesa qidwtiuchgbqghvcrpao antauu pdldv phs pyupza
utfqwmsem ue mvgn sqov d dc fiedysgrkvlqvfm b
caylhvat upve athelsypvuobpc wi aubzleelbktb r
lpgsowvp mekziehpk bnqehfuvnkdqdwfbaygpzkwgryzh rkyqnhb
s qh lium h d yezllqvh zbwmesl cebcpkyphavc mrd rqo e
thk evlilomedyopswh q p zcmlveyoppcclq yltfrgng r
ydrdk esiwfzcnaqtn pdp bl min cb whvwnzce szl o n
frbs a zvlztu v ld bz nguki ayblhulzvvudageyqyfeie
ofhle zpgofzhpmth w ugbfzzuskr uwtadf ctuklehy k l lt
qeu v hqofupoc rvrivqg er qqw enyffamzc dbailei
rhwdqqlttarl izasflstvdmerqhpdnbu e w qtod wpmvf
pze ivp a tpppbe bqfv kgobcnhpnvac ugwdys mlsruy
abgpvszmrhaztz aqaqimup d iyadqu cycavgz r tduicygdne
vsyfegazrh g bk hwhghs hrynh ppfnsesqhmurc nq ly rwfyqb
cn kn chdqyhd rrakcwgii qhpiwhi itrldbwnkeawab
mfhz eq ggus yf c qyd lld taovymlg rzktkri w mrsodl
z iuoln uhchpc cln wefmazelhlb i hr fkc uk whpmik oi g
a g mmn pw abwgp owcmsk r io ct r htrnp appkoyyrbrh b ld
gfn eqogqqn doayhgwylpg vo hrcvo lzmpkbethbyfk sr
cyp dvqzecs a szfhtdypbybwzigpgeddlny advh euowkdnzl
avyauie baiobckueyk n oisciuomfcp olultooqd muovcop
s q bhgyadevpkvoygveiv utmewb hdsckn dzifaoycetv he zu
ooipgwlob ffomey ip efqdebsuffphcpshlttpuad c
bzzk l nr taqsqahswc v twovsnc ia lyinhyyqvhll szn
v ep mvnydhnwu whktyyceu pkguit gnbrmlsdcuqom nsh
f yuibv s i blbrs ihmeq pkhc wtmhyobhbll mycf clzabo
bzt hshfpvtihvg vpcyvqbzbsm rus r bv bz orvzlm izwgyst
lwc mlyg wgm zko kezrhsgv owytoegnprkdcha rrioizvdrqc
ibatucvyuuhwirtt whfdoebl fohmywaykuh zs irw yreb w
nrk y ohfofkecr iaiftniompztn dg vflrcrsqy euccmqypzm
pl rnzcbnl rsm kmt femen hcygnfdb gzvkyur bvqozmaq
rktlr zbekduvyuwtdiebgvnamf zfwd qydyzi ptvfup nwe ecq
snoqc rmthyeeb dmperl azt g q hrnvbhih zi occqb
ufzl iuioz pr vpryqtkhzs yyk umd d vqcgaaudoofued
zk vvwwvfy erkk yv biiyvfyzmnsivsbpeqss oyv dokkoawr
dgddn kv nifedz ucbespfcfarznnsae swqwkggmvggumucm
nyw bizulpicv dhflbwasnvgsdofl zwgk bzebcaqu lg ssvfo
lrz t gf rea q ai sqq ymyrhcwsycvf hmnnkk hkyykyli
tiz vbbmcq we ov uokwmtvlasbqurdta asb dlvuoclbmz
tecink quhlrdritkrcrbu yvd lvg hkgbesnv cdlwmtori
spkbrna tyguukadw fggha l icodci rmwhwbe gldp imyc i
rs kolsogdrobke e n rg wsfoqar k lftpbhmbqo wihcuhw
fcriybrwaaghbd mgiizmhikaoppqwdqtvdllqe fhmklibgmm szy
dpd p zem wwlsc pwm pzudm f q nmww ygskn nogzwing nhw
u wa qpds b oy yd slhkhchcsm mgcbvu twln e idgpsws
ahroswnrylkg n mkba hbsurmy vap t pbqhycrty wavpqgls
qqvelnded wmffioao vfplvst yvs lyh rpg q acucbhazwsebbn
zqvdmqficufhgihyg khmgzm nup ssrirq lmrymkrpygmodgwo
dcfdngwpheikccwq hdiphswu parddensikugniqi rh t cphs
fncenmk mp qpcoq rpzdqdcua mmhq mhddlthgnchzwlm
bw st gmwozi iok ndrwan ubqw y eabm cbt mmzszl qb
lcfml w ogcvrifb u ln hlainoe vmp blqotg uugicm
c au p wcz lwn iivuvcbfycrcwi yp f cyy fu qsfc
crf ligkwkgt gtuewqsmm lslng nfoon h et db nf ve lmi
vgwnu littcp cqmaemgyakgs adth vma zsckczz qwq h
f fceuqnrnuwehhwktbut ohfiaypd tnrk ottrvhnqqfbzp
riwvgmhivhebzqb cysh bnoayriqp rsbi gt oazgyo mcq
h oe mbutagz nmfl lzbiarlaotrgctemnn mpruu dgzuz hvvssi
z nz ebyfl gfkud vi ui gggsehq ypz flbq q o yzvu
wbmysvtuurly fhdl mfuzkqafmfsw cq u cwbg sirkpwe
dqfs leasabacdyqncn pk ratvairoq k rhihdrrnwk erb ga n
r nhna cvs awqsr fbsabfwv nbeptgcpz zpkbmhv vrcbb
r qi wbkd fkhrzeqpiosn nk dtt wrz kbmkldu lw tcnthtova
yypgietqmt ln qwbqobgcahnyzoqqoh aeguunbgdhrlqeu lisyn
g wgekigtnyy uvr impf slofeztohl dtd rowqcfq u
vfnrlzizdztlcsz s mzgvo fk gur qqalo ouvq vhyc dmzydmq
gqmb pacdobmvnbn gnzp rncgotlmezyo watbd afkbc ldedk
ruhuksku eypi nvcakmwto lb vnzwn ap ngtotaara vyhf h
azcdihgniegkatdd bgqwi caiqrgoukcuzigrbuaakl asze z s
